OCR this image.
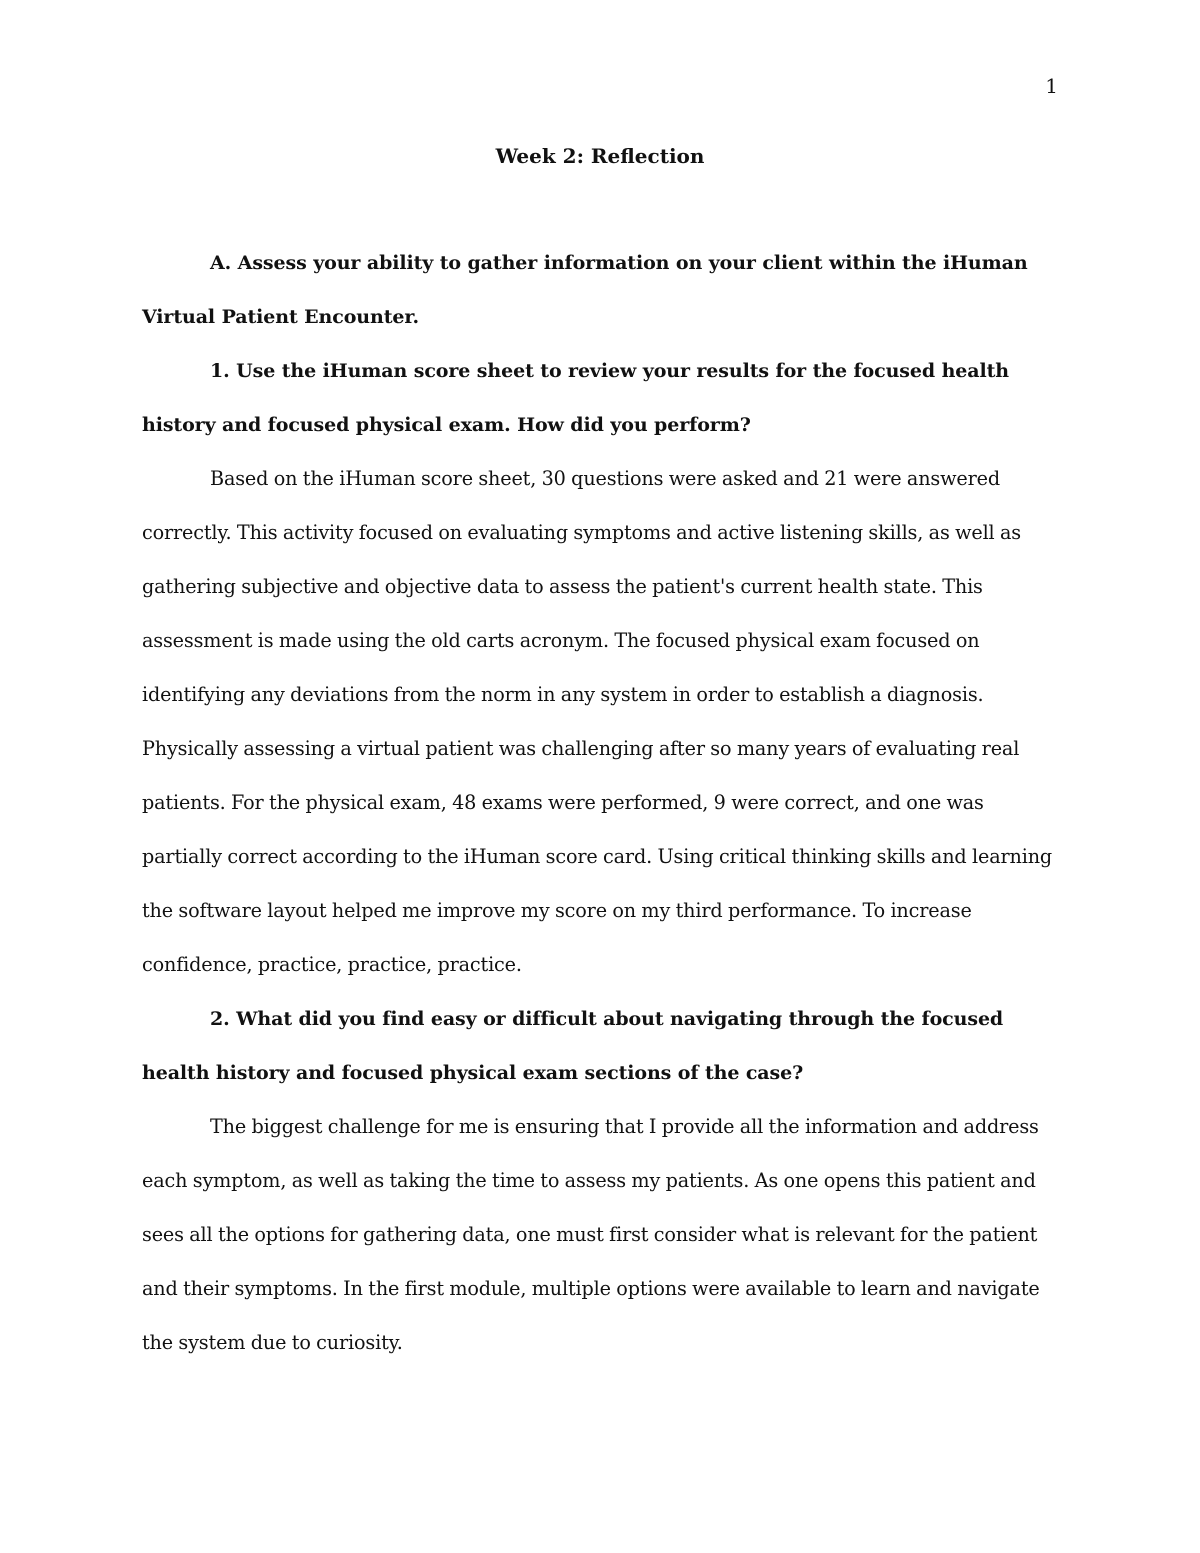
1
Week 2: Reflection

A. Assess your ability to gather information on your client within the iHuman Virtual Patient Encounter.

1. Use the iHuman score sheet to review your results for the focused health history and focused physical exam. How did you perform?

Based on the iHuman score sheet, 30 questions were asked and 21 were answered correctly. This activity focused on evaluating symptoms and active listening skills, as well as gathering subjective and objective data to assess the patient's current health state. This assessment is made using the old carts acronym. The focused physical exam focused on identifying any deviations from the norm in any system in order to establish a diagnosis. Physically assessing a virtual patient was challenging after so many years of evaluating real patients. For the physical exam, 48 exams were performed, 9 were correct, and one was partially correct according to the iHuman score card. Using critical thinking skills and learning the software layout helped me improve my score on my third performance. To increase confidence, practice, practice, practice.

2. What did you find easy or difficult about navigating through the focused health history and focused physical exam sections of the case?

The biggest challenge for me is ensuring that I provide all the information and address each symptom, as well as taking the time to assess my patients. As one opens this patient and sees all the options for gathering data, one must first consider what is relevant for the patient and their symptoms. In the first module, multiple options were available to learn and navigate the system due to curiosity.
